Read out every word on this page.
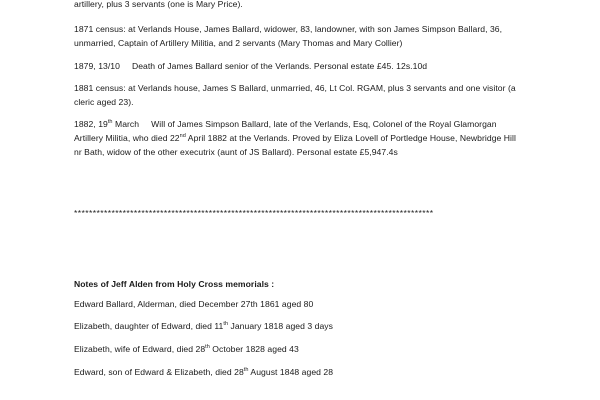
artillery, plus 3 servants (one is Mary Price).
1871 census: at Verlands House, James Ballard, widower, 83, landowner, with son James Simpson Ballard, 36, unmarried, Captain of Artillery Militia, and 2 servants (Mary Thomas and Mary Collier)
1879, 13/10 Death of James Ballard senior of the Verlands. Personal estate £45. 12s.10d
1881 census: at Verlands house, James S Ballard, unmarried, 46, Lt Col. RGAM, plus 3 servants and one visitor (a cleric aged 23).
1882, 19th March Will of James Simpson Ballard, late of the Verlands, Esq, Colonel of the Royal Glamorgan Artillery Militia, who died 22nd April 1882 at the Verlands. Proved by Eliza Lovell of Portledge House, Newbridge Hill nr Bath, widow of the other executrix (aunt of JS Ballard). Personal estate £5,947.4s
************************************************************************************************
Notes of Jeff Alden from Holy Cross memorials :
Edward Ballard, Alderman, died December 27th 1861 aged 80
Elizabeth, daughter of Edward, died 11th January 1818 aged 3 days
Elizabeth, wife of Edward, died 28th October 1828 aged 43
Edward, son of Edward & Elizabeth, died 28th August 1848 aged 28
